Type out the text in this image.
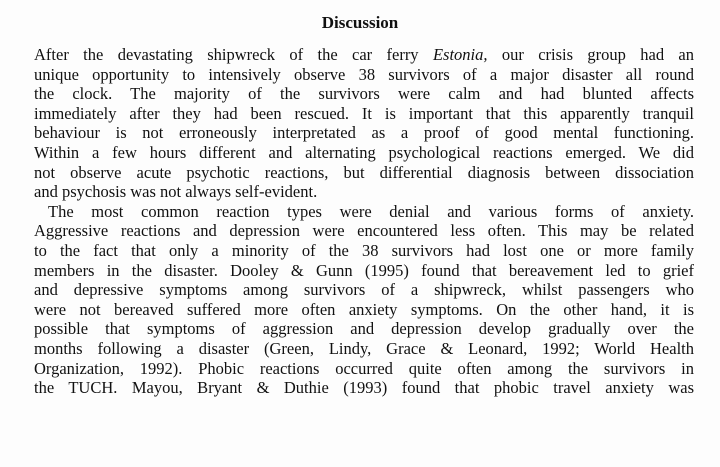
Discussion
After the devastating shipwreck of the car ferry Estonia, our crisis group had an
unique opportunity to intensively observe 38 survivors of a major disaster all round
the clock. The majority of the survivors were calm and had blunted affects
immediately after they had been rescued. It is important that this apparently tranquil
behaviour is not erroneously interpretated as a proof of good mental functioning.
Within a few hours different and alternating psychological reactions emerged. We did
not observe acute psychotic reactions, but differential diagnosis between dissociation
and psychosis was not always self-evident.
The most common reaction types were denial and various forms of anxiety.
Aggressive reactions and depression were encountered less often. This may be related
to the fact that only a minority of the 38 survivors had lost one or more family
members in the disaster. Dooley & Gunn (1995) found that bereavement led to grief
and depressive symptoms among survivors of a shipwreck, whilst passengers who
were not bereaved suffered more often anxiety symptoms. On the other hand, it is
possible that symptoms of aggression and depression develop gradually over the
months following a disaster (Green, Lindy, Grace & Leonard, 1992; World Health
Organization, 1992). Phobic reactions occurred quite often among the survivors in
the TUCH. Mayou, Bryant & Duthie (1993) found that phobic travel anxiety was
